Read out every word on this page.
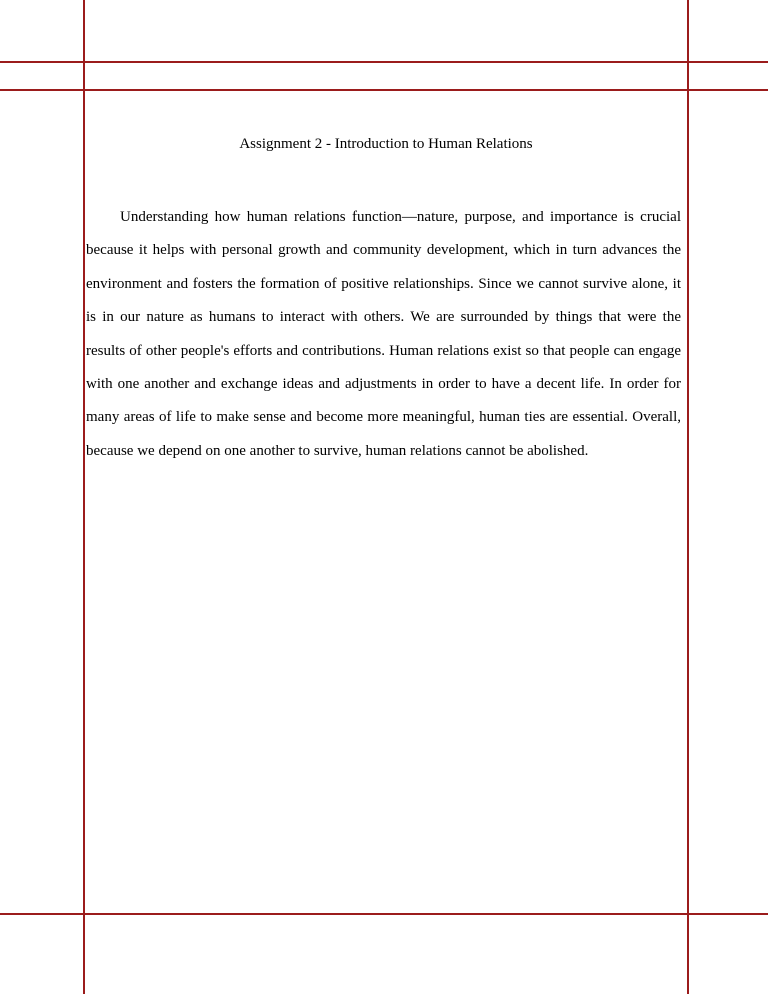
Assignment 2 - Introduction to Human Relations

Understanding how human relations function—nature, purpose, and importance is crucial because it helps with personal growth and community development, which in turn advances the environment and fosters the formation of positive relationships. Since we cannot survive alone, it is in our nature as humans to interact with others. We are surrounded by things that were the results of other people's efforts and contributions. Human relations exist so that people can engage with one another and exchange ideas and adjustments in order to have a decent life. In order for many areas of life to make sense and become more meaningful, human ties are essential. Overall, because we depend on one another to survive, human relations cannot be abolished.
